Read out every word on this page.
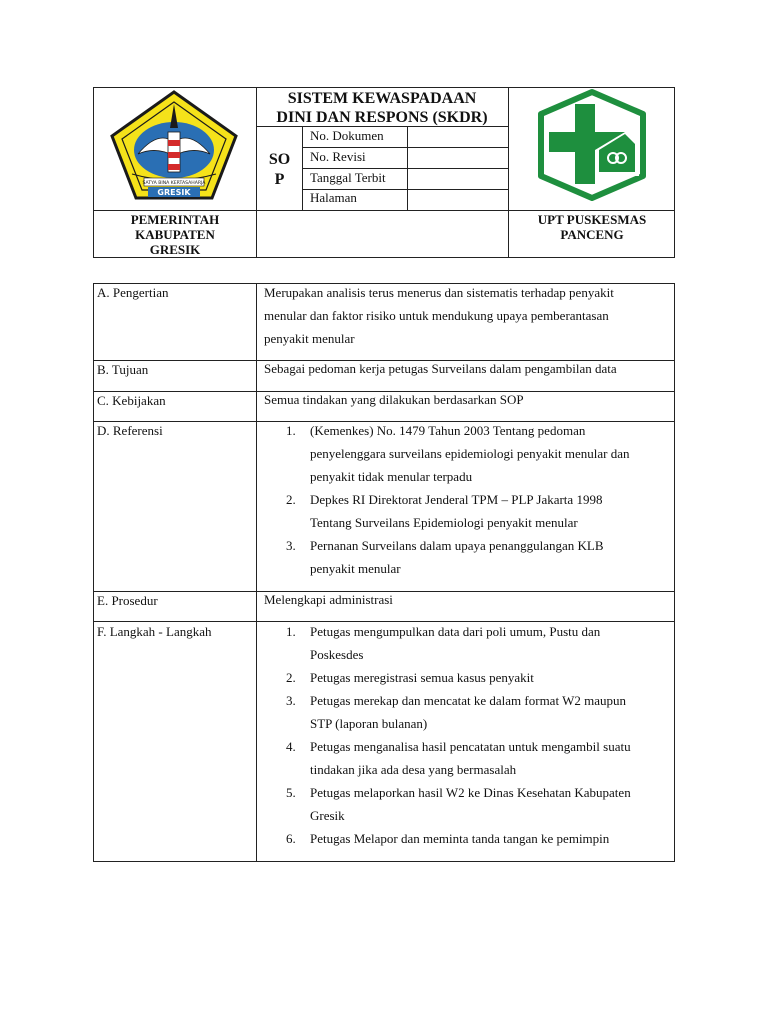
SATYA BINA KERTASAHARJA
GRESIK
SISTEM KEWASPADAAN
DINI DAN RESPONS (SKDR)
SO
P
No. Dokumen
No. Revisi
Tanggal Terbit
Halaman
PEMERINTAH
KABUPATEN
GRESIK
UPT PUSKESMAS
PANCENG
A. Pengertian	Merupakan analisis terus menerus dan sistematis terhadap penyakit
menular dan faktor risiko untuk mendukung upaya pemberantasan
penyakit menular
B. Tujuan	Sebagai pedoman kerja petugas Surveilans dalam pengambilan data
C. Kebijakan	Semua tindakan yang dilakukan berdasarkan SOP
D. Referensi	1. (Kemenkes) No. 1479 Tahun 2003 Tentang pedoman
penyelenggara surveilans epidemiologi penyakit menular dan
penyakit tidak menular terpadu
2. Depkes RI Direktorat Jenderal TPM – PLP Jakarta 1998
Tentang Surveilans Epidemiologi penyakit menular
3. Pernanan Surveilans dalam upaya penanggulangan KLB
penyakit menular
E. Prosedur	Melengkapi administrasi
F. Langkah - Langkah	1. Petugas mengumpulkan data dari poli umum, Pustu dan
Poskesdes
2. Petugas meregistrasi semua kasus penyakit
3. Petugas merekap dan mencatat ke dalam format W2 maupun
STP (laporan bulanan)
4. Petugas menganalisa hasil pencatatan untuk mengambil suatu
tindakan jika ada desa yang bermasalah
5. Petugas melaporkan hasil W2 ke Dinas Kesehatan Kabupaten
Gresik
6. Petugas Melapor dan meminta tanda tangan ke pemimpin
